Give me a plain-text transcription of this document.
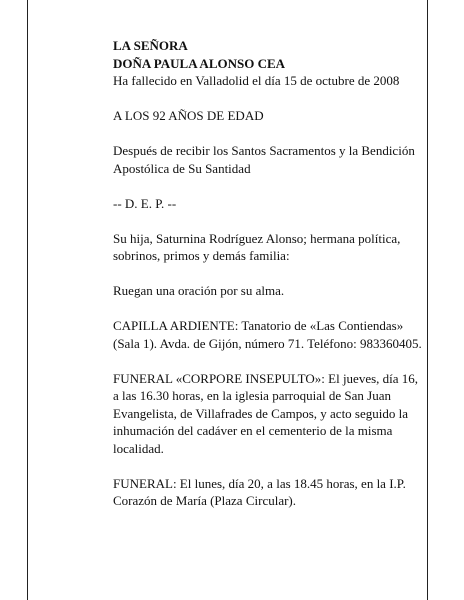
LA SEÑORA

DOÑA PAULA ALONSO CEA

Ha fallecido en Valladolid el día 15 de octubre de 2008

A LOS 92 AÑOS DE EDAD

Después de recibir los Santos Sacramentos y la Bendición Apostólica de Su Santidad

-- D. E. P. --

Su hija, Saturnina Rodríguez Alonso; hermana política, sobrinos, primos y demás familia:

Ruegan una oración por su alma.

CAPILLA ARDIENTE: Tanatorio de «Las Contiendas» (Sala 1). Avda. de Gijón, número 71. Teléfono: 983360405.

FUNERAL «CORPORE INSEPULTO»: El jueves, día 16, a las 16.30 horas, en la iglesia parroquial de San Juan Evangelista, de Villafrades de Campos, y acto seguido la inhumación del cadáver en el cementerio de la misma localidad.

FUNERAL: El lunes, día 20, a las 18.45 horas, en la I.P. Corazón de María (Plaza Circular).
